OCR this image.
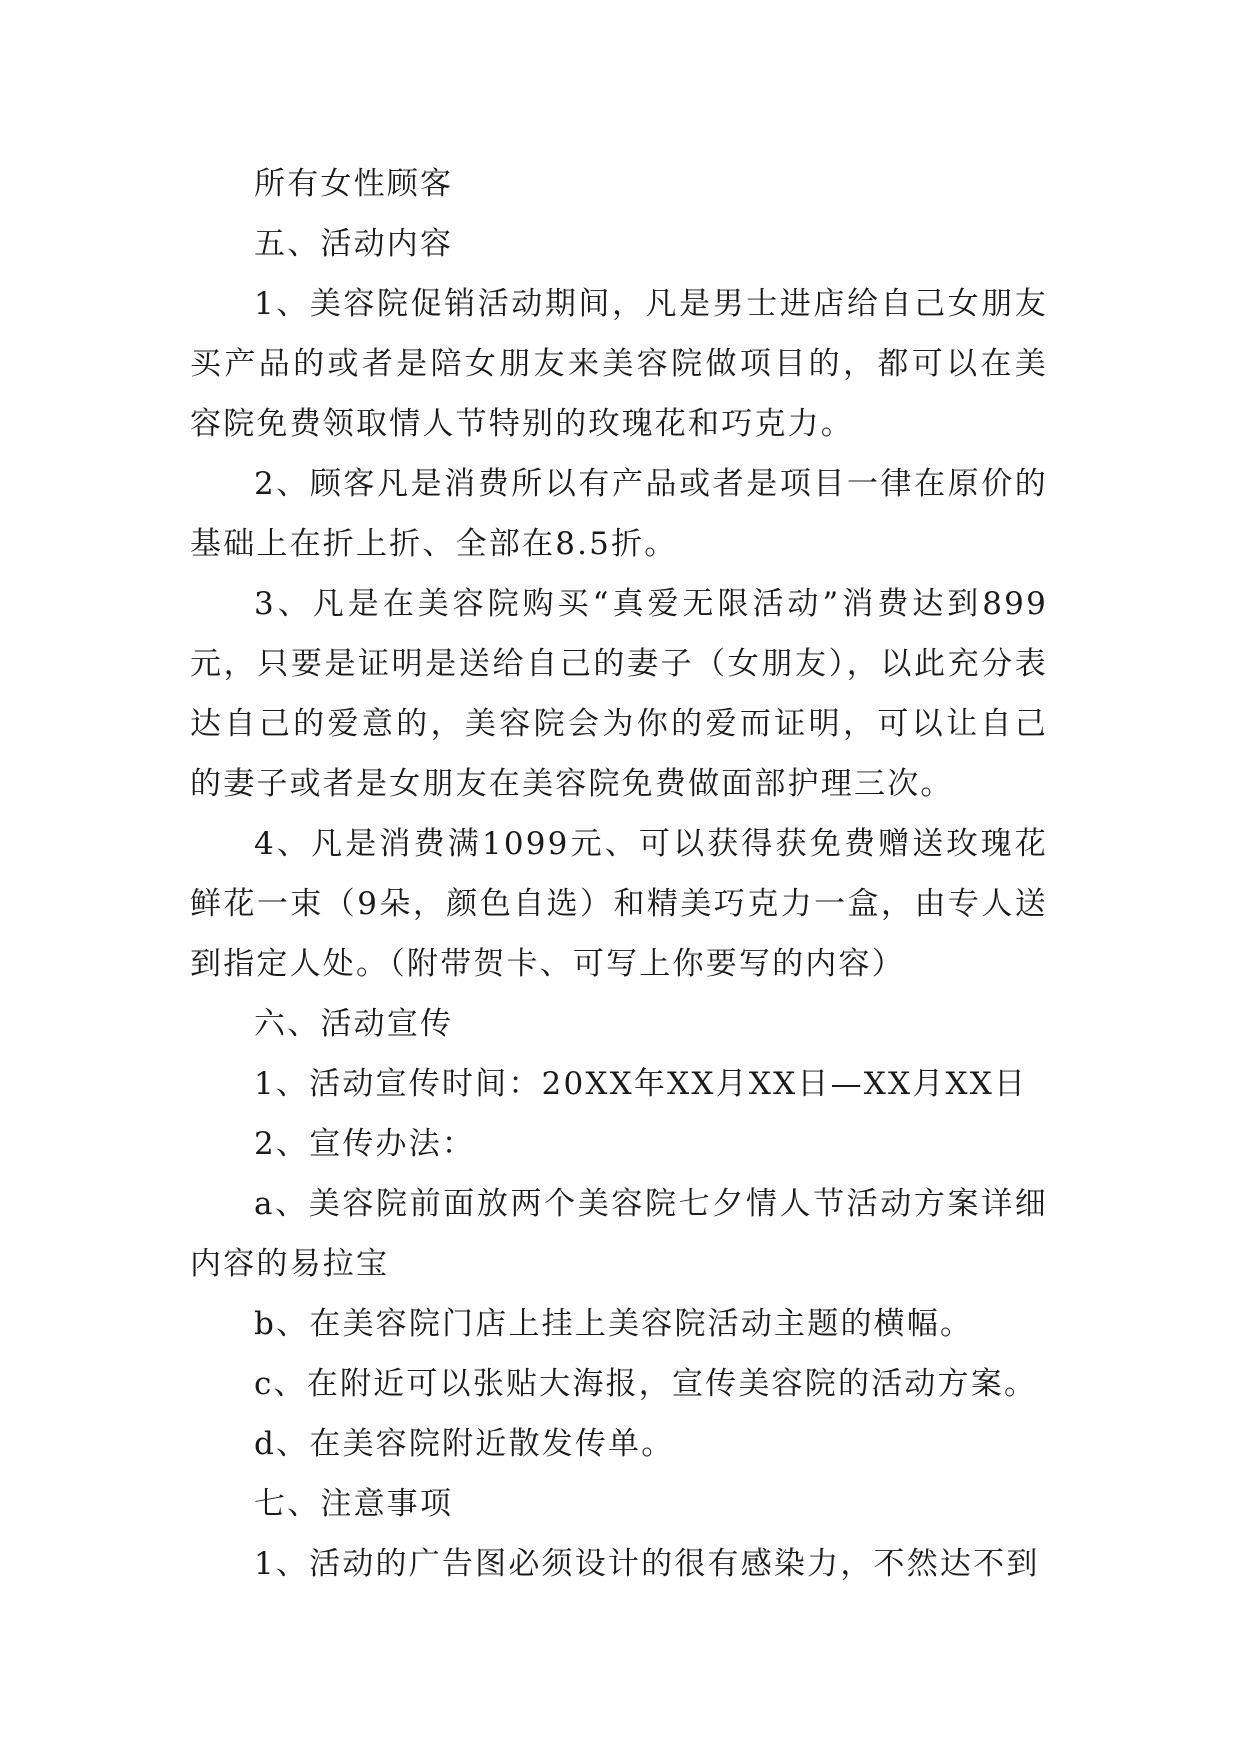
所有女性顾客

五、活动内容

1、美容院促销活动期间，凡是男士进店给自己女朋友买产品的或者是陪女朋友来美容院做项目的，都可以在美容院免费领取情人节特别的玫瑰花和巧克力。

2、顾客凡是消费所以有产品或者是项目一律在原价的基础上在折上折、全部在8.5折。

3、凡是在美容院购买“真爱无限活动”消费达到899元，只要是证明是送给自己的妻子（女朋友），以此充分表达自己的爱意的，美容院会为你的爱而证明，可以让自己的妻子或者是女朋友在美容院免费做面部护理三次。

4、凡是消费满1099元、可以获得获免费赠送玫瑰花鲜花一束（9朵，颜色自选）和精美巧克力一盒，由专人送到指定人处。（附带贺卡、可写上你要写的内容）

六、活动宣传

1、活动宣传时间：20XX年XX月XX日—XX月XX日

2、宣传办法：

a、美容院前面放两个美容院七夕情人节活动方案详细内容的易拉宝

b、在美容院门店上挂上美容院活动主题的横幅。

c、在附近可以张贴大海报，宣传美容院的活动方案。

d、在美容院附近散发传单。

七、注意事项

1、活动的广告图必须设计的很有感染力，不然达不到
